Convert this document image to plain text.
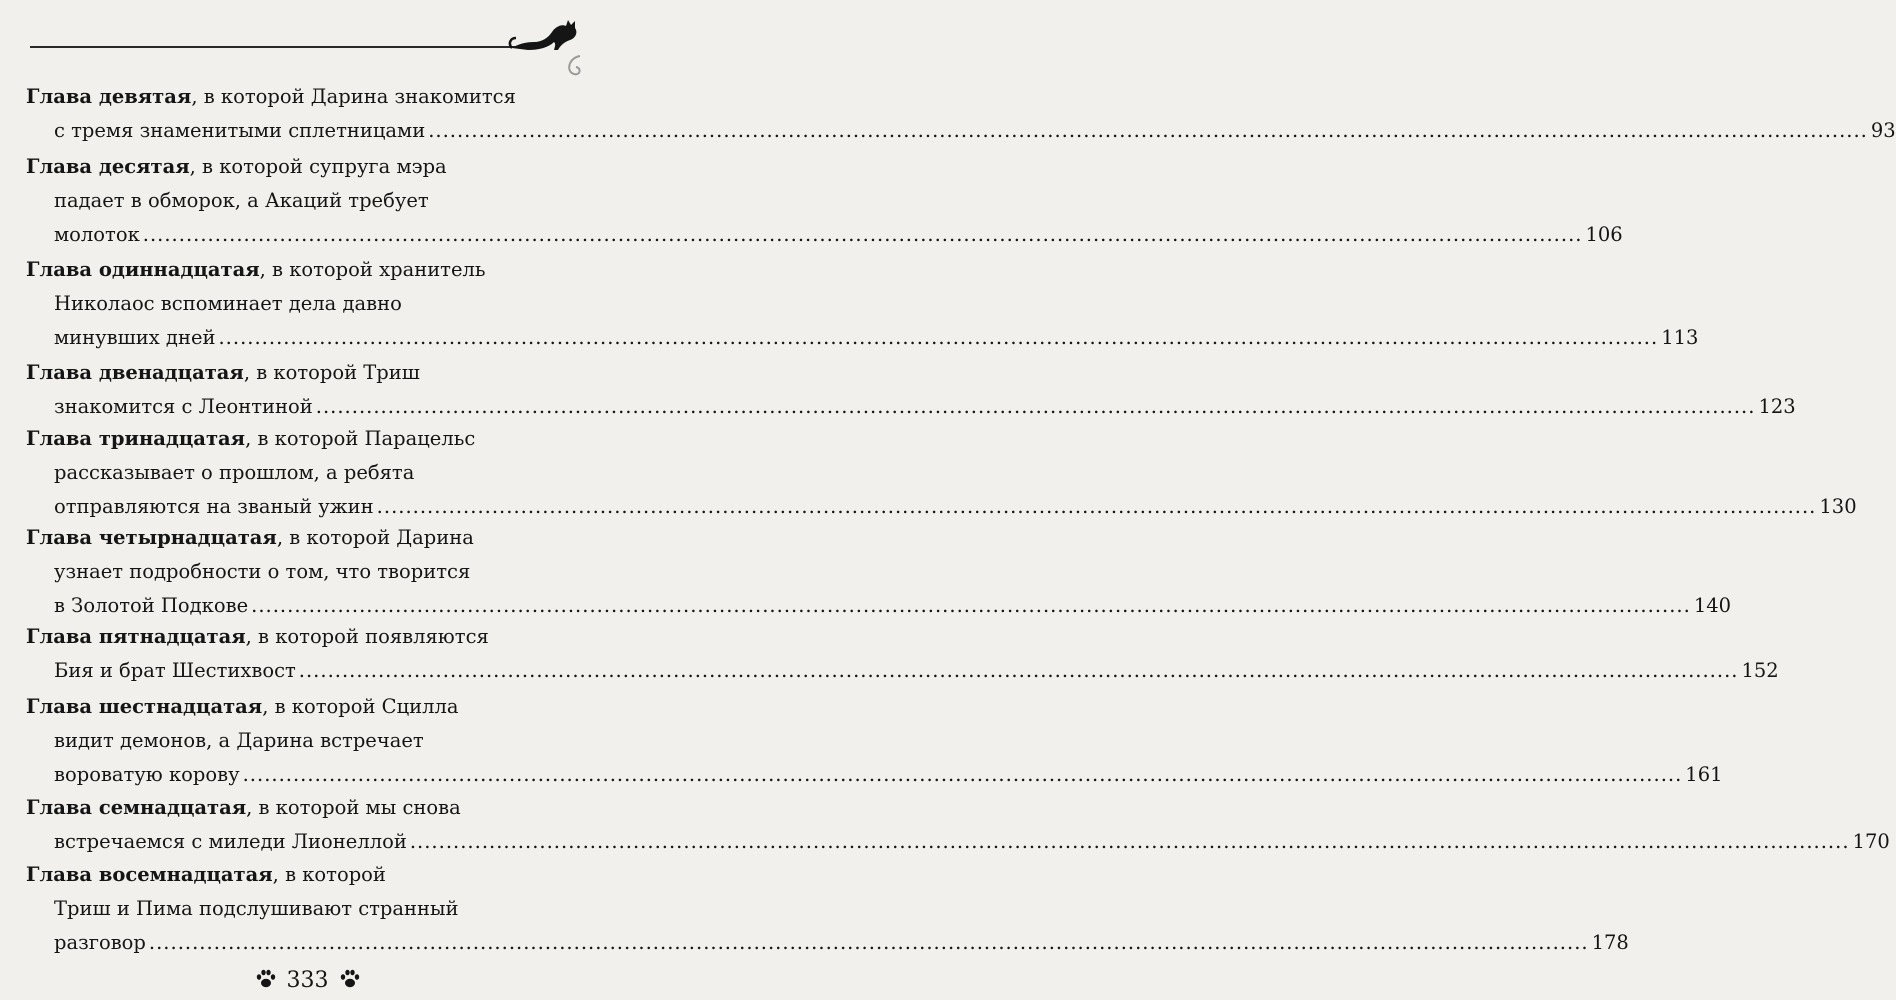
Глава девятая, в которой Дарина знакомится
с тремя знаменитыми сплетницами ........................................................................................................................................................................................................ 93
Глава десятая, в которой супруга мэра
падает в обморок, а Акаций требует
молоток ........................................................................................................................................................................................................ 106
Глава одиннадцатая, в которой хранитель
Николаос вспоминает дела давно
минувших дней ........................................................................................................................................................................................................ 113
Глава двенадцатая, в которой Триш
знакомится с Леонтиной ........................................................................................................................................................................................................ 123
Глава тринадцатая, в которой Парацельс
рассказывает о прошлом, а ребята
отправляются на званый ужин ........................................................................................................................................................................................................ 130
Глава четырнадцатая, в которой Дарина
узнает подробности о том, что творится
в Золотой Подкове ........................................................................................................................................................................................................ 140
Глава пятнадцатая, в которой появляются
Бия и брат Шестихвост ........................................................................................................................................................................................................ 152
Глава шестнадцатая, в которой Сцилла
видит демонов, а Дарина встречает
вороватую корову ........................................................................................................................................................................................................ 161
Глава семнадцатая, в которой мы снова
встречаемся с миледи Лионеллой ........................................................................................................................................................................................................ 170
Глава восемнадцатая, в которой
Триш и Пима подслушивают странный
разговор ........................................................................................................................................................................................................ 178
333
